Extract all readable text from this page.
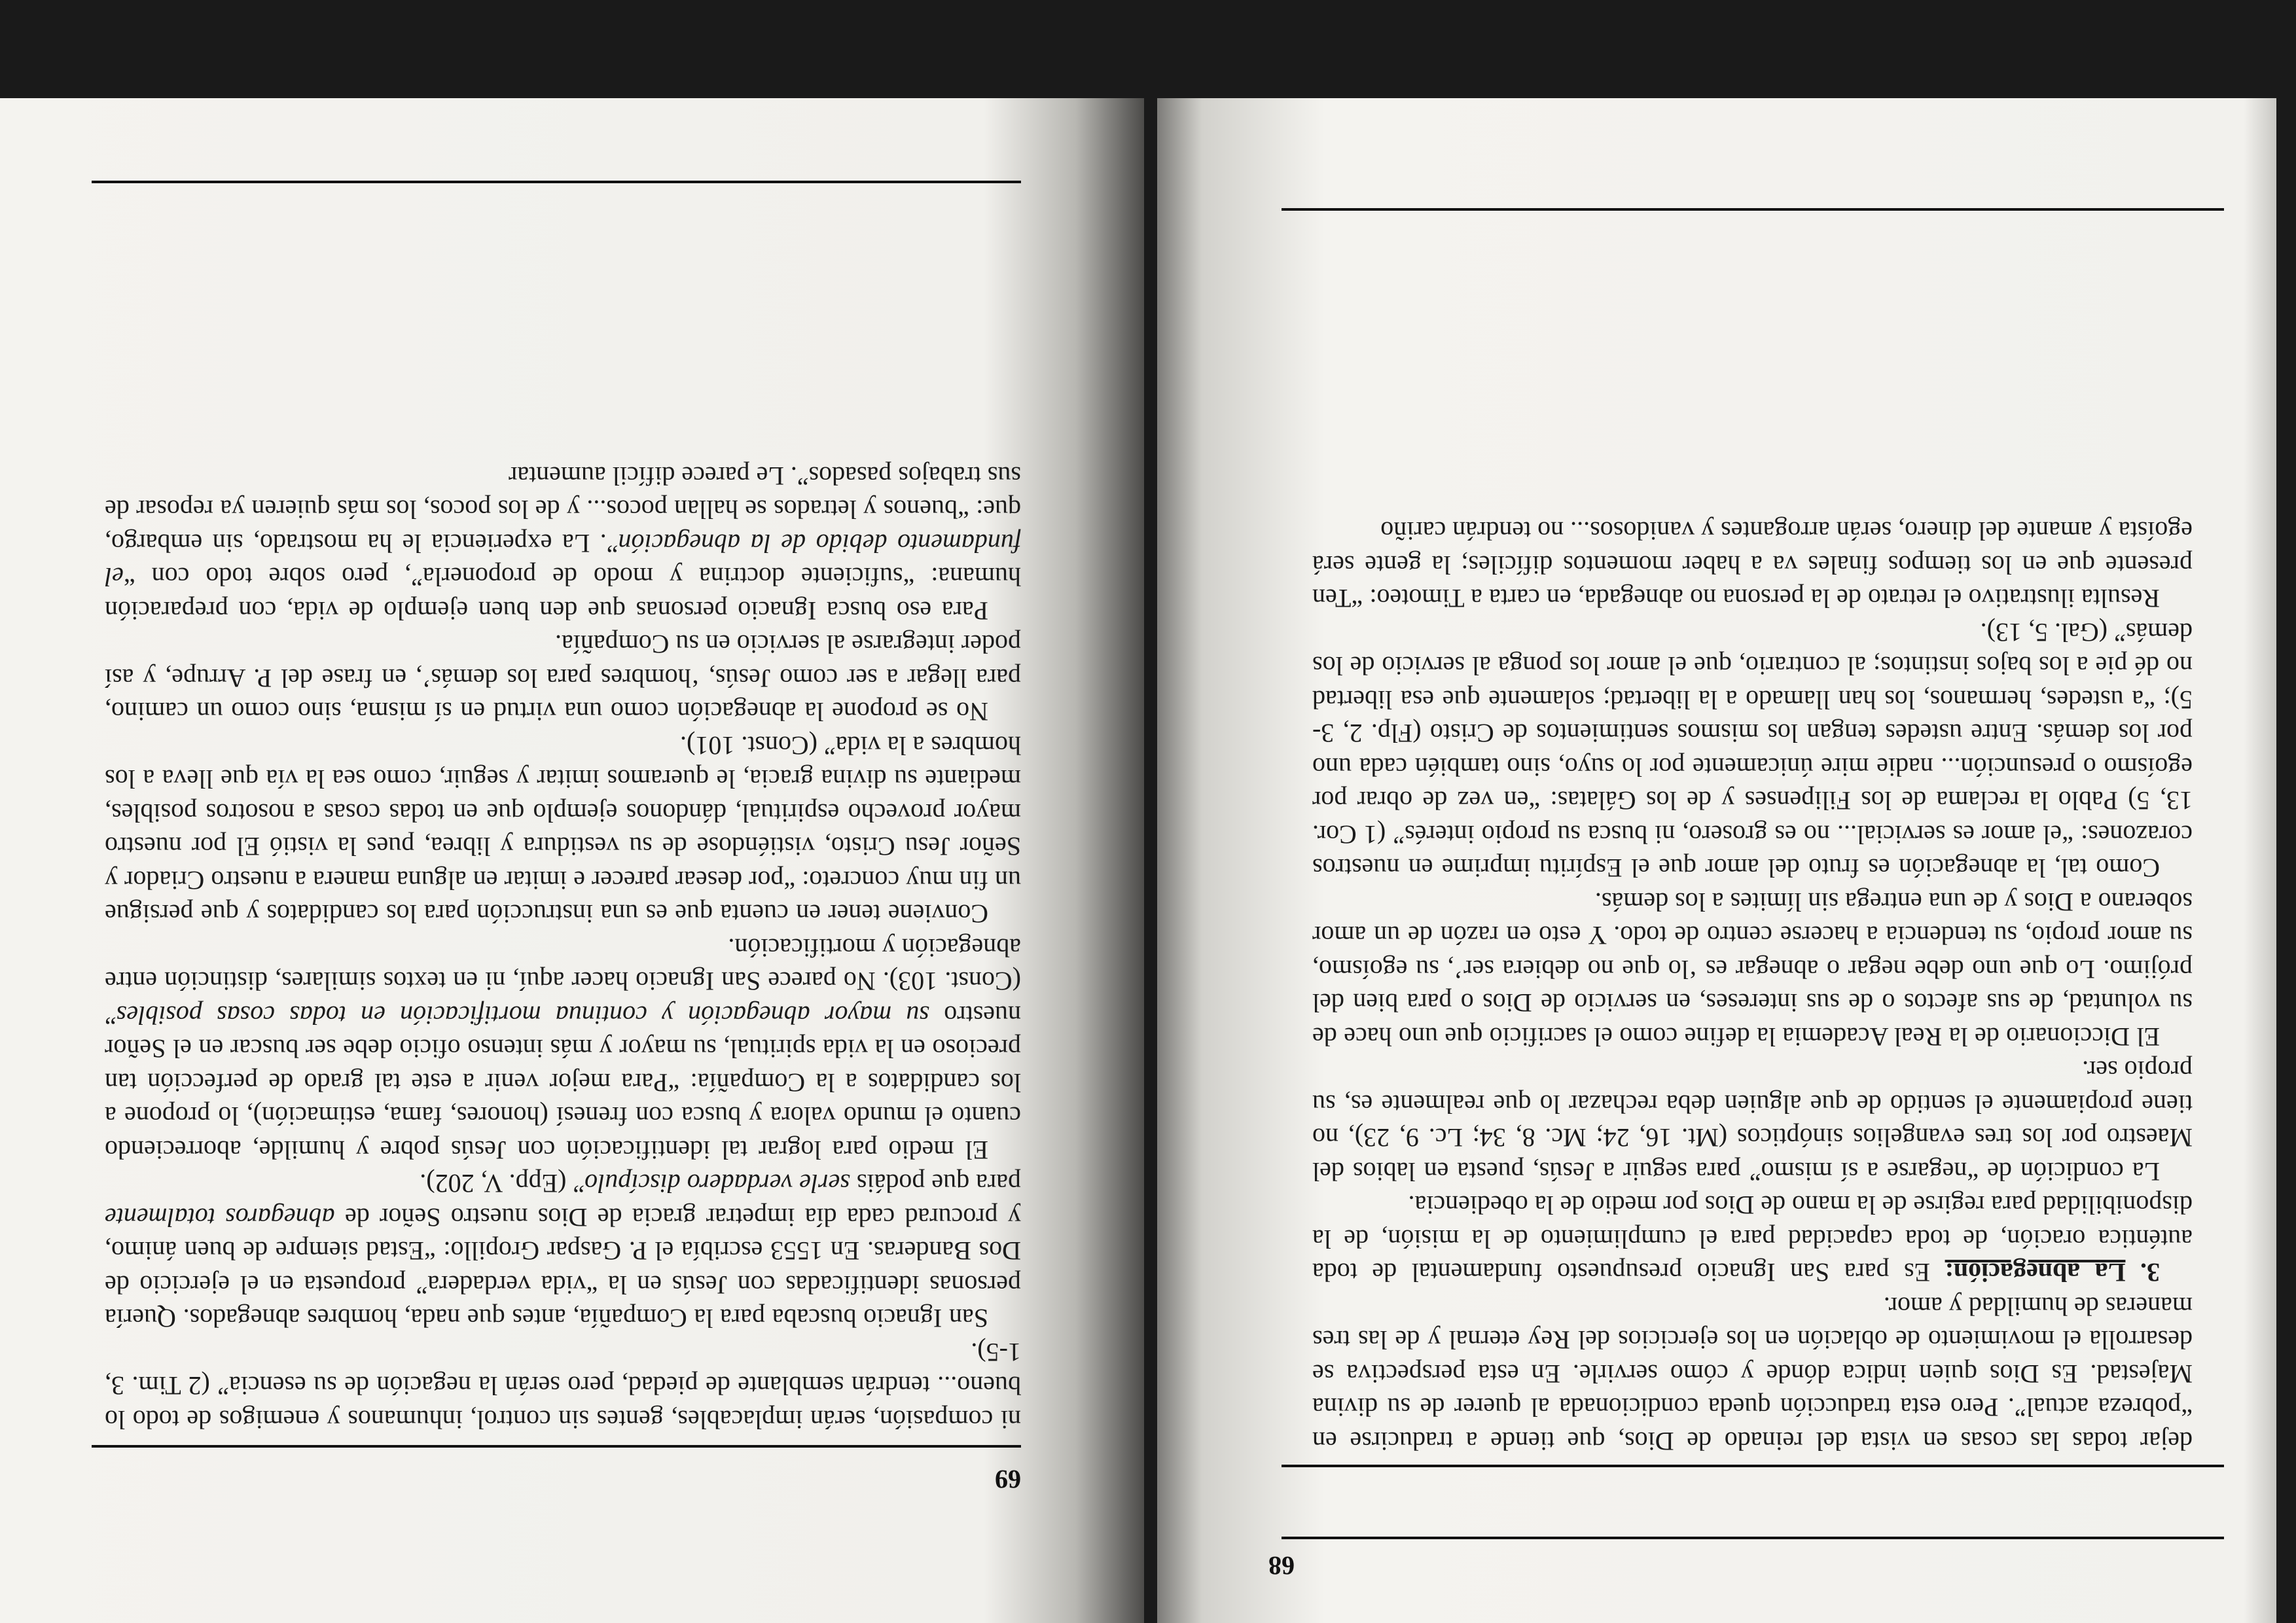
68

dejar todas las cosas en vista del reinado de Dios, que tiende a traducirse en “pobreza actual”. Pero esta traducción queda condicionada al querer de su divina Majestad. Es Dios quien indica dónde y cómo servirle. En esta perspectiva se desarrolla el movimiento de oblación en los ejercicios del Rey eternal y de las tres maneras de humildad y amor.

3. La abnegación: Es para San Ignacio presupuesto fundamental de toda auténtica oración, de toda capacidad para el cumplimiento de la misión, de la disponibilidad para regirse de la mano de Dios por medio de la obediencia.

La condición de “negarse a sí mismo” para seguir a Jesús, puesta en labios del Maestro por los tres evangelios sinópticos (Mt. 16, 24; Mc. 8, 34; Lc. 9, 23), no tiene propiamente el sentido de que alguien deba rechazar lo que realmente es, su propio ser.

El Diccionario de la Real Academia la define como el sacrificio que uno hace de su voluntad, de sus afectos o de sus intereses, en servicio de Dios o para bien del prójimo. Lo que uno debe negar o abnegar es ‘lo que no debiera ser’, su egoísmo, su amor propio, su tendencia a hacerse centro de todo. Y esto en razón de un amor soberano a Dios y de una entrega sin límites a los demás.

Como tal, la abnegación es fruto del amor que el Espíritu imprime en nuestros corazones: “el amor es servicial... no es grosero, ni busca su propio interés” (1 Cor. 13, 5) Pablo la reclama de los Filipenses y de los Gálatas: “en vez de obrar por egoísmo o presunción... nadie mire únicamente por lo suyo, sino también cada uno por los demás. Entre ustedes tengan los mismos sentimientos de Cristo (Flp. 2, 3-5); “a ustedes, hermanos, los han llamado a la libertad; solamente que esa libertad no dé pie a los bajos instintos; al contrario, que el amor los ponga al servicio de los demás” (Gal. 5, 13).

Resulta ilustrativo el retrato de la persona no abnegada, en carta a Timoteo: “Ten presente que en los tiempos finales va a haber momentos difíciles; la gente será egoísta y amante del dinero, serán arrogantes y vanidosos... no tendrán cariño

69

ni compasión, serán implacables, gentes sin control, inhumanos y enemigos de todo lo bueno... tendrán semblante de piedad, pero serán la negación de su esencia” (2 Tim. 3, 1-5).

San Ignacio buscaba para la Compañía, antes que nada, hombres abnegados. Quería personas identificadas con Jesús en la “vida verdadera” propuesta en el ejercicio de Dos Banderas. En 1553 escribía el P. Gaspar Gropillo: “Estad siempre de buen ánimo, y procurad cada día impetrar gracia de Dios nuestro Señor de abnegaros totalmente para que podáis serle verdadero discípulo” (Epp. V, 202).

El medio para lograr tal identificación con Jesús pobre y humilde, aborreciendo cuanto el mundo valora y busca con frenesí (honores, fama, estimación), lo propone a los candidatos a la Compañía: “Para mejor venir a este tal grado de perfección tan precioso en la vida spiritual, su mayor y más intenso oficio debe ser buscar en el Señor nuestro su mayor abnegación y continua mortificación en todas cosas posibles” (Const. 103). No parece San Ignacio hacer aquí, ni en textos similares, distinción entre abnegación y mortificación.

Conviene tener en cuenta que es una instrucción para los candidatos y que persigue un fin muy concreto: “por desear parecer e imitar en alguna manera a nuestro Criador y Señor Jesu Cristo, vistiéndose de su vestidura y librea, pues la vistió El por nuestro mayor provecho espiritual, dándonos ejemplo que en todas cosas a nosotros posibles, mediante su divina gracia, le queramos imitar y seguir, como sea la vía que lleva a los hombres a la vida” (Const. 101).

No se propone la abnegación como una virtud en sí misma, sino como un camino, para llegar a ser como Jesús, ‘hombres para los demás’, en frase del P. Arrupe, y así poder integrarse al servicio en su Compañía.

Para eso busca Ignacio personas que den buen ejemplo de vida, con preparación humana: “suficiente doctrina y modo de proponerla”, pero sobre todo con “el fundamento debido de la abnegación”. La experiencia le ha mostrado, sin embargo, que: “buenos y letrados se hallan pocos... y de los pocos, los más quieren ya reposar de sus trabajos pasados”. Le parece difícil aumentar
